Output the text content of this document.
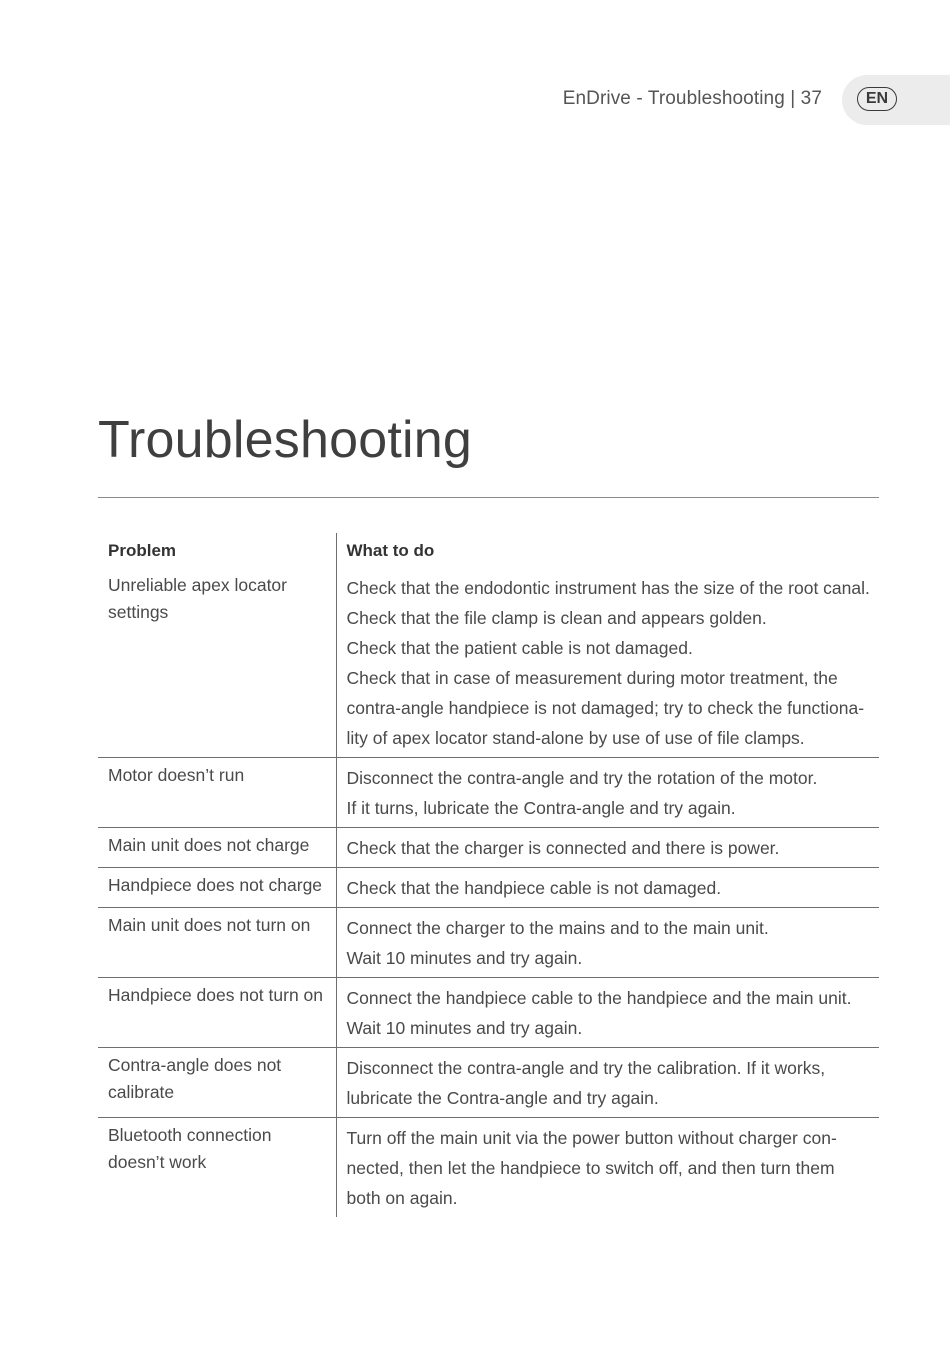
EnDrive - Troubleshooting | 37	EN
Troubleshooting
Problem	What to do
Unreliable apex locator settings	Check that the endodontic instrument has the size of the root canal.
Check that the file clamp is clean and appears golden.
Check that the patient cable is not damaged.
Check that in case of measurement during motor treatment, the contra-angle handpiece is not damaged; try to check the functiona-lity of apex locator stand-alone by use of use of file clamps.

Motor doesn’t run	Disconnect the contra-angle and try the rotation of the motor.
If it turns, lubricate the Contra-angle and try again.

Main unit does not charge	Check that the charger is connected and there is power.

Handpiece does not charge	Check that the handpiece cable is not damaged.

Main unit does not turn on	Connect the charger to the mains and to the main unit.
Wait 10 minutes and try again.

Handpiece does not turn on	Connect the handpiece cable to the handpiece and the main unit.
Wait 10 minutes and try again.

Contra-angle does not calibrate	Disconnect the contra-angle and try the calibration. If it works, lubricate the Contra-angle and try again.

Bluetooth connection doesn’t work	Turn off the main unit via the power button without charger con-nected, then let the handpiece to switch off, and then turn them both on again.
